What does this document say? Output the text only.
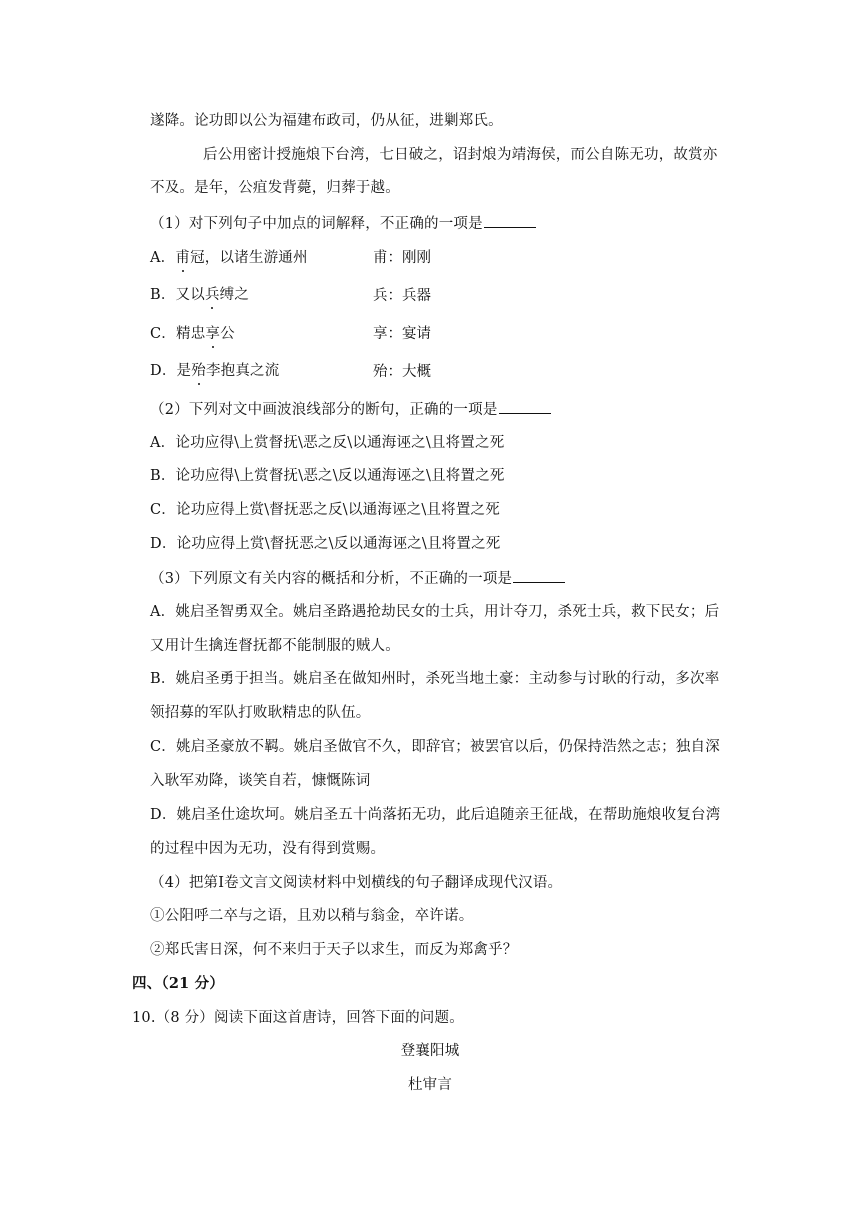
遂降。论功即以公为福建布政司，仍从征，进剿郑氏。
后公用密计授施烺下台湾，七日破之，诏封烺为靖海侯，而公自陈无功，故赏亦
不及。是年，公疽发背薨，归葬于越。
（1）对下列句子中加点的词解释，不正确的一项是
A．甫冠，以诸生游通州	甫：刚刚
B．又以兵缚之	兵：兵器
C．精忠享公	享：宴请
D．是殆李抱真之流	殆：大概
（2）下列对文中画波浪线部分的断句，正确的一项是
A．论功应得\上赏督抚\恶之反\以通海诬之\且将置之死
B．论功应得\上赏督抚\恶之\反以通海诬之\且将置之死
C．论功应得上赏\督抚恶之反\以通海诬之\且将置之死
D．论功应得上赏\督抚恶之\反以通海诬之\且将置之死
（3）下列原文有关内容的概括和分析，不正确的一项是
A．姚启圣智勇双全。姚启圣路遇抢劫民女的士兵，用计夺刀，杀死士兵，救下民女；后
又用计生擒连督抚都不能制服的贼人。
B．姚启圣勇于担当。姚启圣在做知州时，杀死当地土豪：主动参与讨耿的行动，多次率
领招募的军队打败耿精忠的队伍。
C．姚启圣豪放不羁。姚启圣做官不久，即辞官；被罢官以后，仍保持浩然之志；独自深
入耿军劝降，谈笑自若，慷慨陈词
D．姚启圣仕途坎坷。姚启圣五十尚落拓无功，此后追随亲王征战，在帮助施烺收复台湾
的过程中因为无功，没有得到赏赐。
（4）把第Ⅰ卷文言文阅读材料中划横线的句子翻译成现代汉语。
①公阳呼二卒与之语，且劝以稍与翁金，卒许诺。
②郑氏害日深，何不来归于天子以求生，而反为郑禽乎？
四、（21 分）
10.（8 分）阅读下面这首唐诗，回答下面的问题。
登襄阳城
杜审言
